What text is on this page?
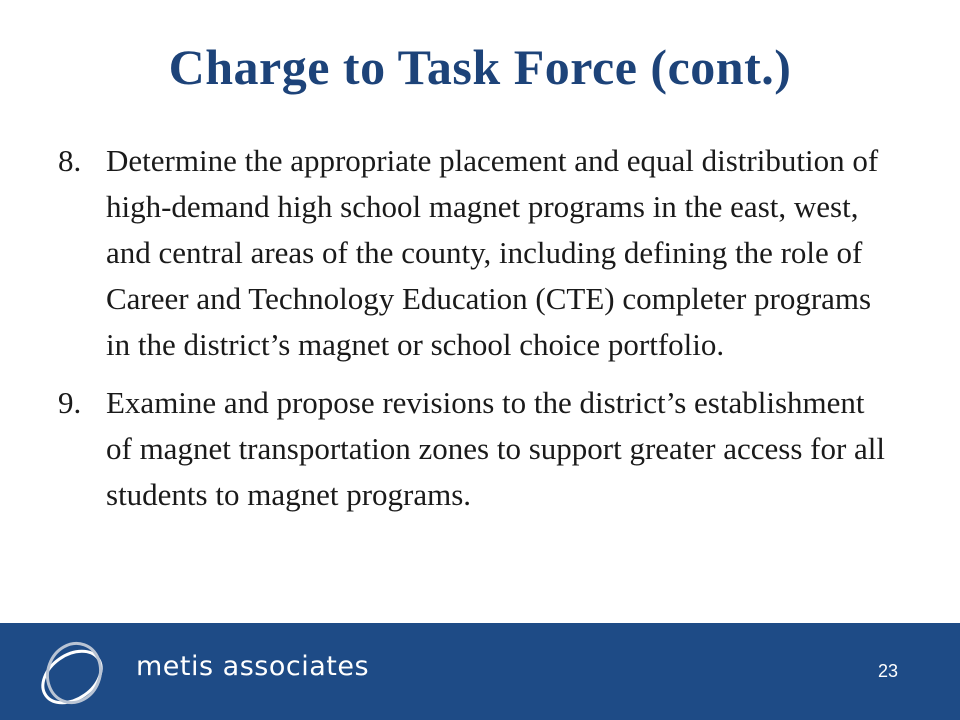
Charge to Task Force (cont.)
8. Determine the appropriate placement and equal distribution of high-demand high school magnet programs in the east, west, and central areas of the county, including defining the role of Career and Technology Education (CTE) completer programs in the district’s magnet or school choice portfolio.
9. Examine and propose revisions to the district’s establishment of magnet transportation zones to support greater access for all students to magnet programs.
metis associates	23
